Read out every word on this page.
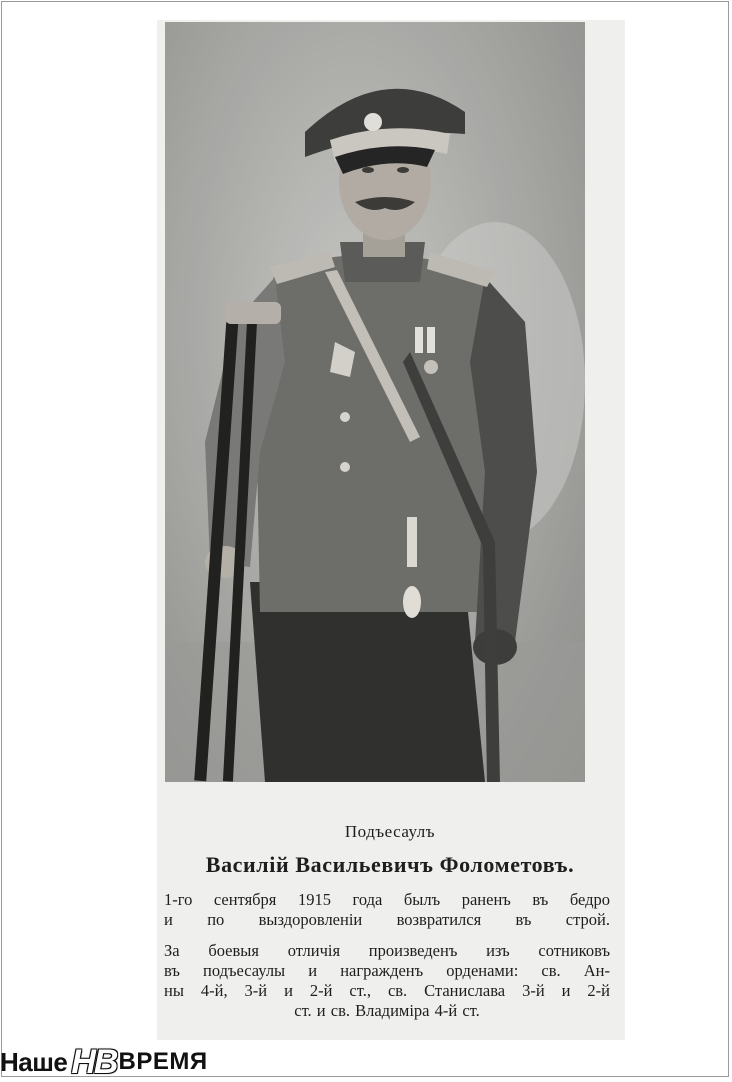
Подъесаулъ
Василій Васильевичъ Фолометовъ.
1-го сентября 1915 года былъ раненъ въ бедро
и по выздоровленіи возвратился въ строй.
За боевыя отличія произведенъ изъ сотниковъ
въ подъесаулы и награжденъ орденами: св. Ан-
ны 4-й, 3-й и 2-й ст., св. Станислава 3-й и 2-й
ст. и св. Владиміра 4-й ст.
Наше НВ ВРЕМЯ
